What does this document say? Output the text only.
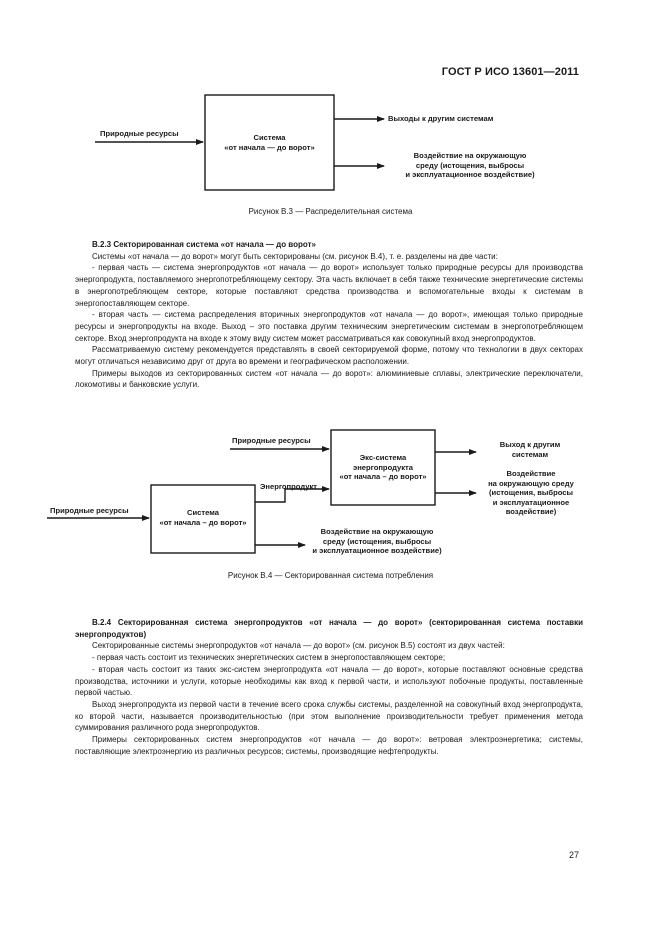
ГОСТ Р ИСО 13601—2011
Природные ресурсы	Система
«от начала — до ворот»
Выходы к другим системам
Воздействие на окружающую
среду (истощения, выбросы
и эксплуатационное воздействие)
Рисунок В.3 — Распределительная система

В.2.3 Секторированная система «от начала — до ворот»

Системы «от начала — до ворот» могут быть секторированы (см. рисунок В.4), т. е. разделены на две части:

- первая часть — система энергопродуктов «от начала — до ворот» использует только природные ресурсы для производства энергопродукта, поставляемого энергопотребляющему сектору. Эта часть включает в себя также технические энергетические системы в энергопотребляющем секторе, которые поставляют средства производства и вспомогательные входы к системам в энергопоставляющем секторе.

- вторая часть — система распределения вторичных энергопродуктов «от начала — до ворот», имеющая только природные ресурсы и энергопродукты на входе. Выход – это поставка другим техническим энергетическим системам в энергопотребляющем секторе. Вход энергопродукта на входе к этому виду систем может рассматриваться как совокупный вход энергопродуктов.

Рассматриваемую систему рекомендуется представлять в своей секторируемой форме, потому что технологии в двух секторах могут отличаться независимо друг от друга во времени и географическом расположении.

Примеры выходов из секторированных систем «от начала — до ворот»: алюминиевые сплавы, электрические переключатели, локомотивы и банковские услуги.

Природные ресурсы
Природные ресурсы
Энергопродукт
Система
«от начала – до ворот»
Экс-система
энергопродукта
«от начала – до ворот»
Выход к другим
системам
Воздействие
на окружающую среду
(истощения, выбросы
и эксплуатационное
воздействие)
Воздействие на окружающую
среду (истощения, выбросы
и эксплуатационное воздействие)
Рисунок В.4 — Секторированная система потребления

В.2.4 Секторированная система энергопродуктов «от начала — до ворот» (секторированная система поставки энергопродуктов)

Секторированные системы энергопродуктов «от начала — до ворот» (см. рисунок В.5) состоят из двух частей:

- первая часть состоит из технических энергетических систем в энергопоставляющем секторе;

- вторая часть состоит из таких экс-систем энергопродукта «от начала — до ворот», которые поставляют основные средства производства, источники и услуги, которые необходимы как вход к первой части, и используют побочные продукты, поставленные первой частью.

Выход энергопродукта из первой части в течение всего срока службы системы, разделенной на совокупный вход энергопродукта, ко второй части, называется производительностью (при этом выполнение производительности требует применения метода суммирования различного рода энергопродуктов.

Примеры секторированных систем энергопродуктов «от начала — до ворот»: ветровая электроэнергетика; системы, поставляющие электроэнергию из различных ресурсов; системы, производящие нефтепродукты.

27
